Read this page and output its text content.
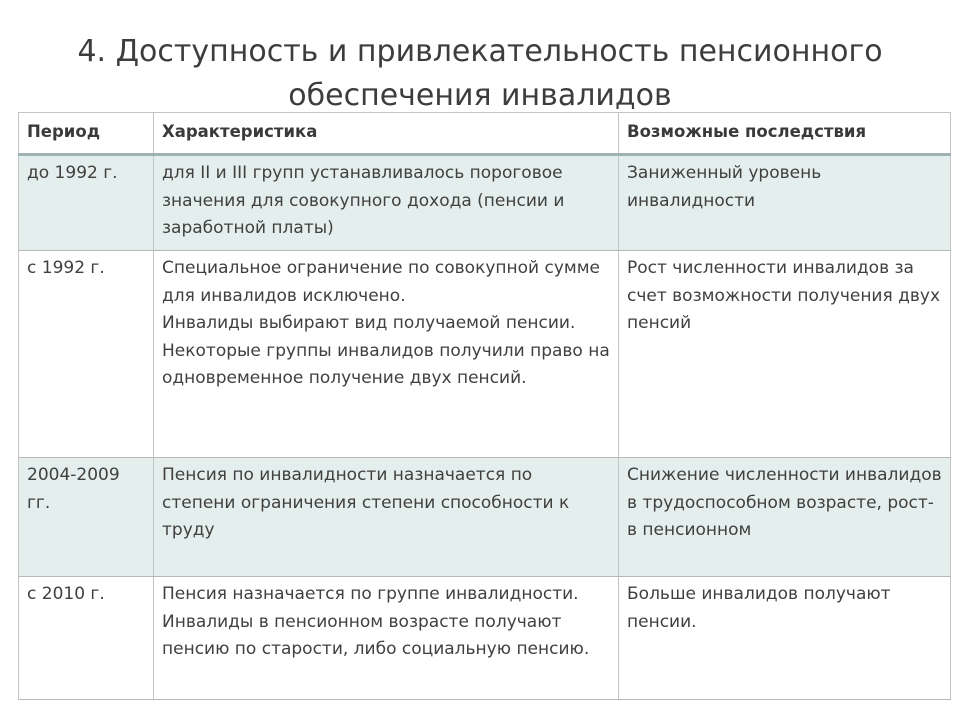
4. Доступность и привлекательность пенсионного
обеспечения инвалидов
Период	Характеристика	Возможные последствия
до 1992 г.	для II и III групп устанавливалось пороговое значения для совокупного дохода (пенсии и заработной платы)	Заниженный уровень инвалидности
с 1992 г.	Специальное ограничение по совокупной сумме для инвалидов исключено.
Инвалиды выбирают вид получаемой пенсии.
Некоторые группы инвалидов получили право на одновременное получение двух пенсий.	Рост численности инвалидов за счет возможности получения двух пенсий
2004-2009 гг.	Пенсия по инвалидности назначается по степени ограничения степени способности к труду	Снижение численности инвалидов в трудоспособном возрасте, рост- в пенсионном
с 2010 г.	Пенсия назначается по группе инвалидности. Инвалиды в пенсионном возрасте получают пенсию по старости, либо социальную пенсию.	Больше инвалидов получают пенсии.
